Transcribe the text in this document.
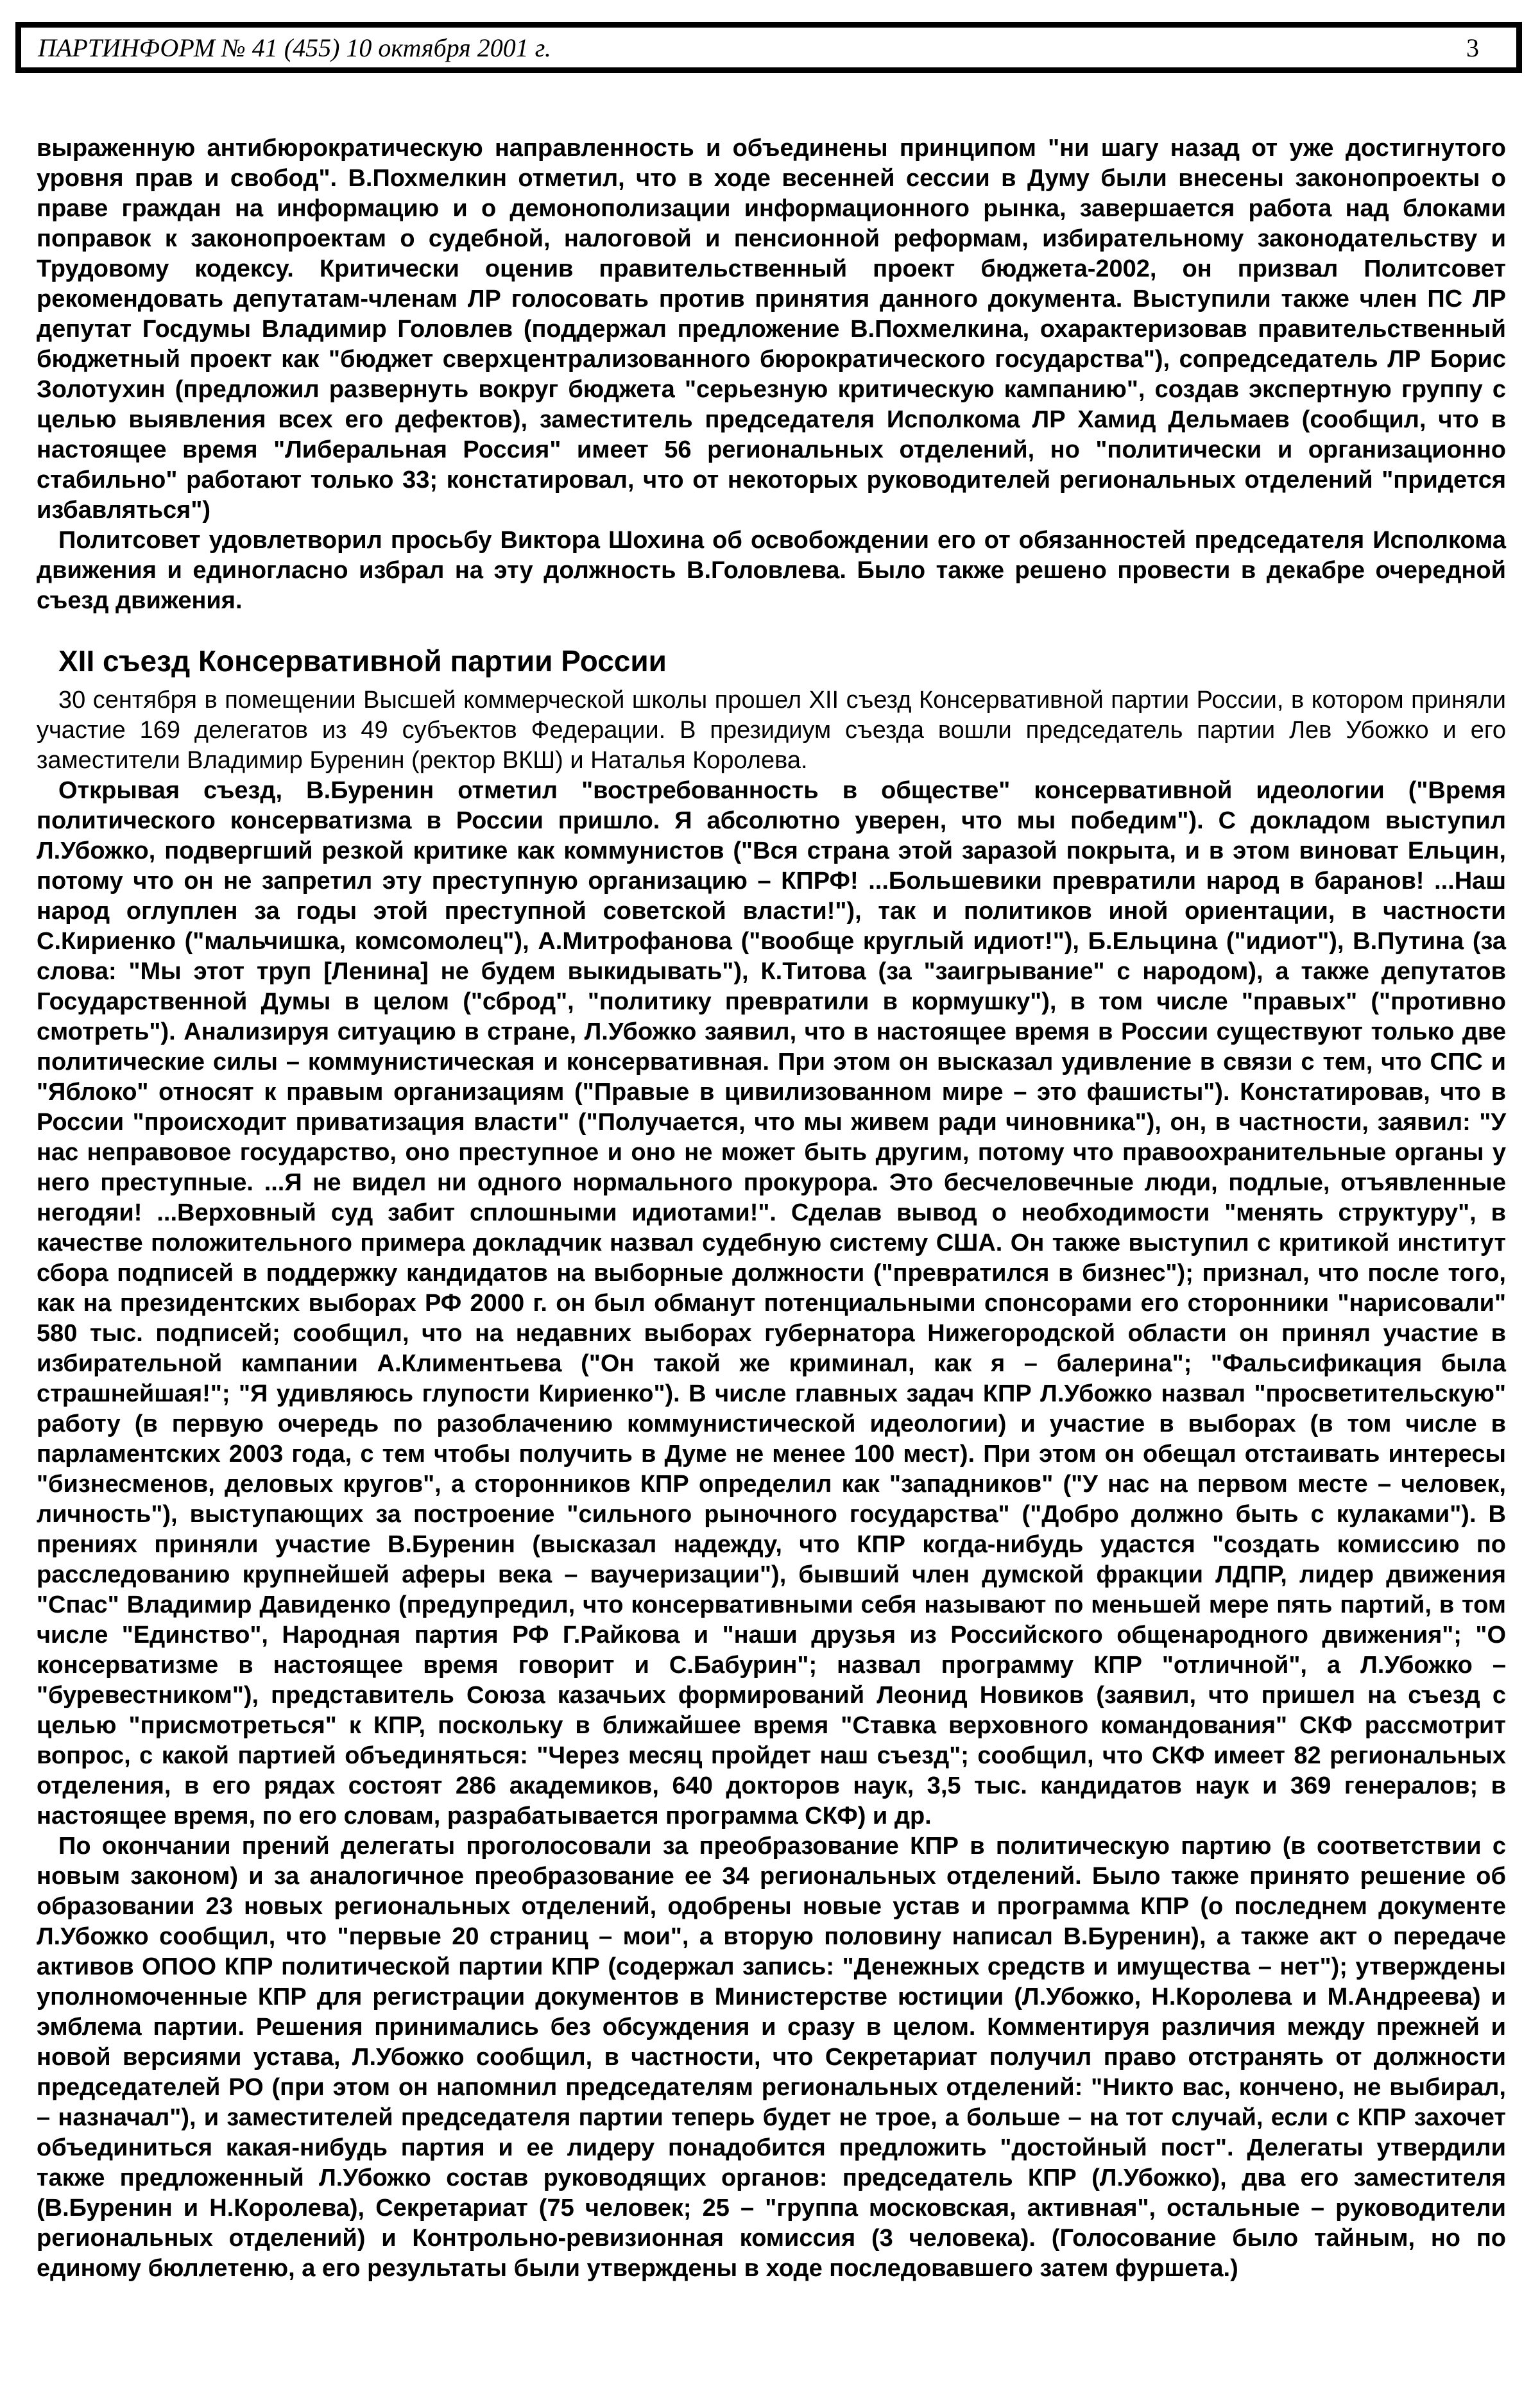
ПАРТИНФОРМ № 41 (455) 10 октября 2001 г.	3

выраженную антибюрократическую направленность и объединены принципом "ни шагу назад от уже достигнутого уровня прав и свобод". В.Похмелкин отметил, что в ходе весенней сессии в Думу были внесены законопроекты о праве граждан на информацию и о демонополизации информационного рынка, завершается работа над блоками поправок к законопроектам о судебной, налоговой и пенсионной реформам, избирательному законодательству и Трудовому кодексу. Критически оценив правительственный проект бюджета-2002, он призвал Политсовет рекомендовать депутатам-членам ЛР голосовать против принятия данного документа. Выступили также член ПС ЛР депутат Госдумы Владимир Головлев (поддержал предложение В.Похмелкина, охарактеризовав правительственный бюджетный проект как "бюджет сверхцентрализованного бюрократического государства"), сопредседатель ЛР Борис Золотухин (предложил развернуть вокруг бюджета "серьезную критическую кампанию", создав экспертную группу с целью выявления всех его дефектов), заместитель председателя Исполкома ЛР Хамид Дельмаев (сообщил, что в настоящее время "Либеральная Россия" имеет 56 региональных отделений, но "политически и организационно стабильно" работают только 33; констатировал, что от некоторых руководителей региональных отделений "придется избавляться")

Политсовет удовлетворил просьбу Виктора Шохина об освобождении его от обязанностей председателя Исполкома движения и единогласно избрал на эту должность В.Головлева. Было также решено провести в декабре очередной съезд движения.

XII съезд Консервативной партии России

30 сентября в помещении Высшей коммерческой школы прошел XII съезд Консервативной партии России, в котором приняли участие 169 делегатов из 49 субъектов Федерации. В президиум съезда вошли председатель партии Лев Убожко и его заместители Владимир Буренин (ректор ВКШ) и Наталья Королева.

Открывая съезд, В.Буренин отметил "востребованность в обществе" консервативной идеологии ("Время политического консерватизма в России пришло. Я абсолютно уверен, что мы победим"). С докладом выступил Л.Убожко, подвергший резкой критике как коммунистов ("Вся страна этой заразой покрыта, и в этом виноват Ельцин, потому что он не запретил эту преступную организацию – КПРФ! ...Большевики превратили народ в баранов! ...Наш народ оглуплен за годы этой преступной советской власти!"), так и политиков иной ориентации, в частности С.Кириенко ("мальчишка, комсомолец"), А.Митрофанова ("вообще круглый идиот!"), Б.Ельцина ("идиот"), В.Путина (за слова: "Мы этот труп [Ленина] не будем выкидывать"), К.Титова (за "заигрывание" с народом), а также депутатов Государственной Думы в целом ("сброд", "политику превратили в кормушку"), в том числе "правых" ("противно смотреть"). Анализируя ситуацию в стране, Л.Убожко заявил, что в настоящее время в России существуют только две политические силы – коммунистическая и консервативная. При этом он высказал удивление в связи с тем, что СПС и "Яблоко" относят к правым организациям ("Правые в цивилизованном мире – это фашисты"). Констатировав, что в России "происходит приватизация власти" ("Получается, что мы живем ради чиновника"), он, в частности, заявил: "У нас неправовое государство, оно преступное и оно не может быть другим, потому что правоохранительные органы у него преступные. ...Я не видел ни одного нормального прокурора. Это бесчеловечные люди, подлые, отъявленные негодяи! ...Верховный суд забит сплошными идиотами!". Сделав вывод о необходимости "менять структуру", в качестве положительного примера докладчик назвал судебную систему США. Он также выступил с критикой институт сбора подписей в поддержку кандидатов на выборные должности ("превратился в бизнес"); признал, что после того, как на президентских выборах РФ 2000 г. он был обманут потенциальными спонсорами его сторонники "нарисовали" 580 тыс. подписей; сообщил, что на недавних выборах губернатора Нижегородской области он принял участие в избирательной кампании А.Климентьева ("Он такой же криминал, как я – балерина"; "Фальсификация была страшнейшая!"; "Я удивляюсь глупости Кириенко"). В числе главных задач КПР Л.Убожко назвал "просветительскую" работу (в первую очередь по разоблачению коммунистической идеологии) и участие в выборах (в том числе в парламентских 2003 года, с тем чтобы получить в Думе не менее 100 мест). При этом он обещал отстаивать интересы "бизнесменов, деловых кругов", а сторонников КПР определил как "западников" ("У нас на первом месте – человек, личность"), выступающих за построение "сильного рыночного государства" ("Добро должно быть с кулаками"). В прениях приняли участие В.Буренин (высказал надежду, что КПР когда-нибудь удастся "создать комиссию по расследованию крупнейшей аферы века – ваучеризации"), бывший член думской фракции ЛДПР, лидер движения "Спас" Владимир Давиденко (предупредил, что консервативными себя называют по меньшей мере пять партий, в том числе "Единство", Народная партия РФ Г.Райкова и "наши друзья из Российского общенародного движения"; "О консерватизме в настоящее время говорит и С.Бабурин"; назвал программу КПР "отличной", а Л.Убожко – "буревестником"), представитель Союза казачьих формирований Леонид Новиков (заявил, что пришел на съезд с целью "присмотреться" к КПР, поскольку в ближайшее время "Ставка верховного командования" СКФ рассмотрит вопрос, с какой партией объединяться: "Через месяц пройдет наш съезд"; сообщил, что СКФ имеет 82 региональных отделения, в его рядах состоят 286 академиков, 640 докторов наук, 3,5 тыс. кандидатов наук и 369 генералов; в настоящее время, по его словам, разрабатывается программа СКФ) и др.

По окончании прений делегаты проголосовали за преобразование КПР в политическую партию (в соответствии с новым законом) и за аналогичное преобразование ее 34 региональных отделений. Было также принято решение об образовании 23 новых региональных отделений, одобрены новые устав и программа КПР (о последнем документе Л.Убожко сообщил, что "первые 20 страниц – мои", а вторую половину написал В.Буренин), а также акт о передаче активов ОПОО КПР политической партии КПР (содержал запись: "Денежных средств и имущества – нет"); утверждены уполномоченные КПР для регистрации документов в Министерстве юстиции (Л.Убожко, Н.Королева и М.Андреева) и эмблема партии. Решения принимались без обсуждения и сразу в целом. Комментируя различия между прежней и новой версиями устава, Л.Убожко сообщил, в частности, что Секретариат получил право отстранять от должности председателей РО (при этом он напомнил председателям региональных отделений: "Никто вас, кончено, не выбирал, – назначал"), и заместителей председателя партии теперь будет не трое, а больше – на тот случай, если с КПР захочет объединиться какая-нибудь партия и ее лидеру понадобится предложить "достойный пост". Делегаты утвердили также предложенный Л.Убожко состав руководящих органов: председатель КПР (Л.Убожко), два его заместителя (В.Буренин и Н.Королева), Секретариат (75 человек; 25 – "группа московская, активная", остальные – руководители региональных отделений) и Контрольно-ревизионная комиссия (3 человека). (Голосование было тайным, но по единому бюллетеню, а его результаты были утверждены в ходе последовавшего затем фуршета.)
